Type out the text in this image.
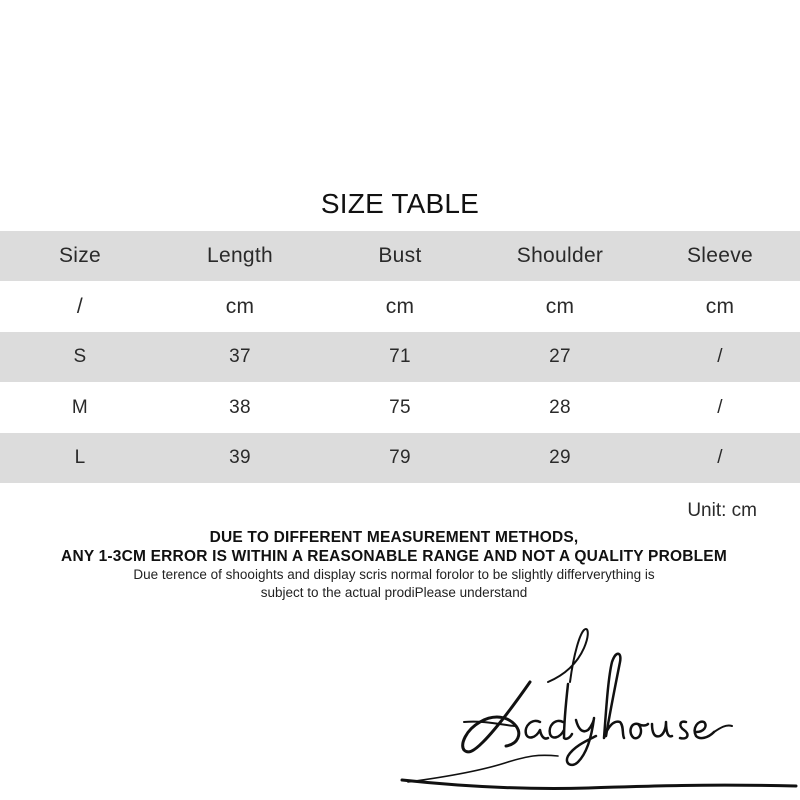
SIZE TABLE
Size	Length	Bust	Shoulder	Sleeve
/	cm	cm	cm	cm
S	37	71	27	/
M	38	75	28	/
L	39	79	29	/
Unit: cm
DUE TO DIFFERENT MEASUREMENT METHODS,
ANY 1-3CM ERROR IS WITHIN A REASONABLE RANGE AND NOT A QUALITY PROBLEM
Due terence of shooights and display scris normal forolor to be slightly differverything is
subject to the actual prodiPlease understand
